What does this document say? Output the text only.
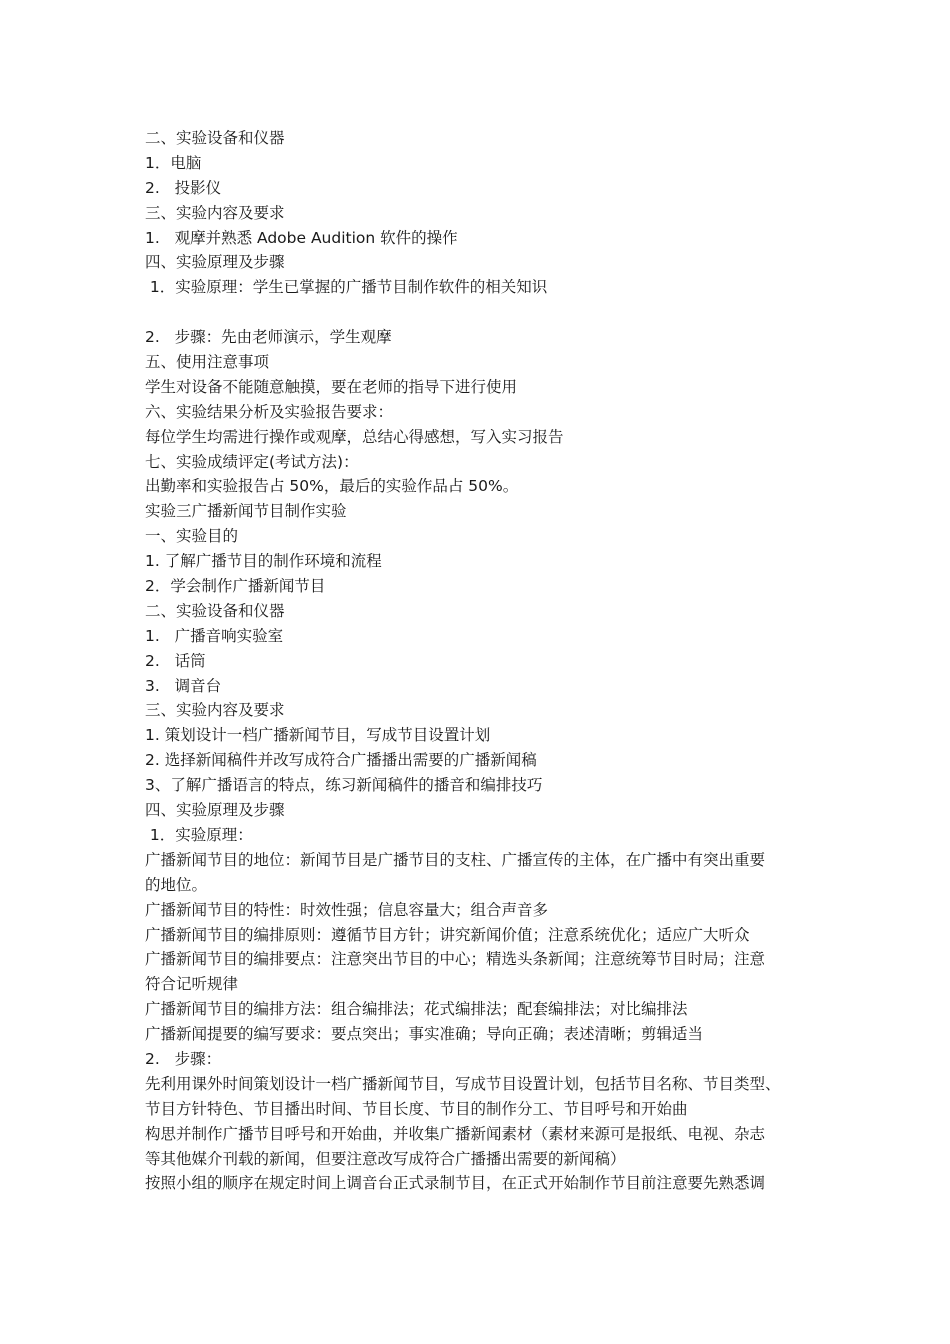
二、实验设备和仪器
1．电脑
2.   投影仪
三、实验内容及要求
1.   观摩并熟悉 Adobe Audition 软件的操作
四、实验原理及步骤
1．实验原理：学生已掌握的广播节目制作软件的相关知识
2.   步骤：先由老师演示，学生观摩
五、使用注意事项
学生对设备不能随意触摸，要在老师的指导下进行使用
六、实验结果分析及实验报告要求：
每位学生均需进行操作或观摩，总结心得感想，写入实习报告
七、实验成绩评定(考试方法)：
出勤率和实验报告占 50%，最后的实验作品占 50%。
实验三广播新闻节目制作实验
一、实验目的
1. 了解广播节目的制作环境和流程
2．学会制作广播新闻节目
二、实验设备和仪器
1.   广播音响实验室
2.   话筒
3.   调音台
三、实验内容及要求
1. 策划设计一档广播新闻节目，写成节目设置计划
2. 选择新闻稿件并改写成符合广播播出需要的广播新闻稿
3、了解广播语言的特点，练习新闻稿件的播音和编排技巧
四、实验原理及步骤
1．实验原理：
广播新闻节目的地位：新闻节目是广播节目的支柱、广播宣传的主体，在广播中有突出重要
的地位。
广播新闻节目的特性：时效性强；信息容量大；组合声音多
广播新闻节目的编排原则：遵循节目方针；讲究新闻价值；注意系统优化；适应广大听众
广播新闻节目的编排要点：注意突出节目的中心；精选头条新闻；注意统筹节目时局；注意
符合记听规律
广播新闻节目的编排方法：组合编排法；花式编排法；配套编排法；对比编排法
广播新闻提要的编写要求：要点突出；事实准确；导向正确；表述清晰；剪辑适当
2.   步骤：
先利用课外时间策划设计一档广播新闻节目，写成节目设置计划，包括节目名称、节目类型、
节目方针特色、节目播出时间、节目长度、节目的制作分工、节目呼号和开始曲
构思并制作广播节目呼号和开始曲，并收集广播新闻素材（素材来源可是报纸、电视、杂志
等其他媒介刊载的新闻，但要注意改写成符合广播播出需要的新闻稿）
按照小组的顺序在规定时间上调音台正式录制节目，在正式开始制作节目前注意要先熟悉调
